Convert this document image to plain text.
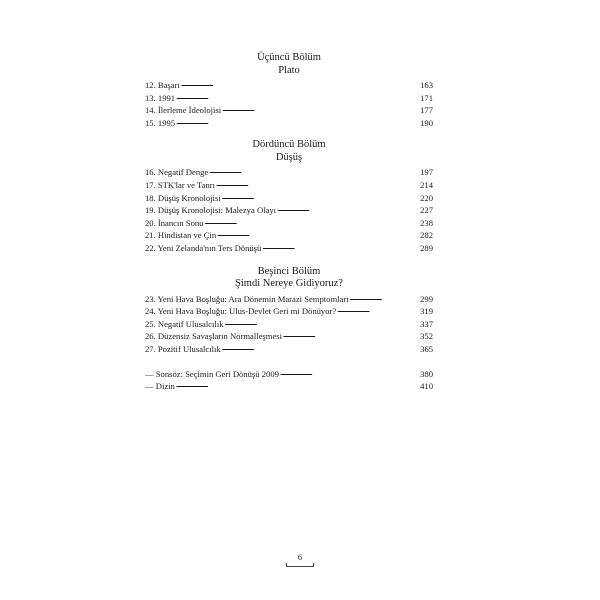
Üçüncü Bölüm
Plato
12. Başarı . . .	163
13. 1991 . . .	171
14. İlerleme İdeolojisi . . .	177
15. 1995 . . .	190
Dördüncü Bölüm
Düşüş
16. Negatif Denge . . .	197
17. STK'lar ve Tanrı . . .	214
18. Düşüş Kronolojisi . . .	220
19. Düşüş Kronolojisi: Malezya Olayı . . .	227
20. İnancın Sonu . . .	238
21. Hindistan ve Çin . . .	282
22. Yeni Zelanda'nın Ters Dönüşü . . .	289
Beşinci Bölüm
Şimdi Nereye Gidiyoruz?
23. Yeni Hava Boşluğu: Ara Dönemin Marazi Semptomları . . .	299
24. Yeni Hava Boşluğu: Ulus-Devlet Geri mi Dönüyor? . . .	319
25. Negatif Ulusalcılık . . .	337
26. Düzensiz Savaşların Normalleşmesi . . .	352
27. Pozitif Ulusalcılık . . .	365
— Sonsöz: Seçimin Geri Dönüşü 2009 . . .	380
— Dizin . . .	410
6
